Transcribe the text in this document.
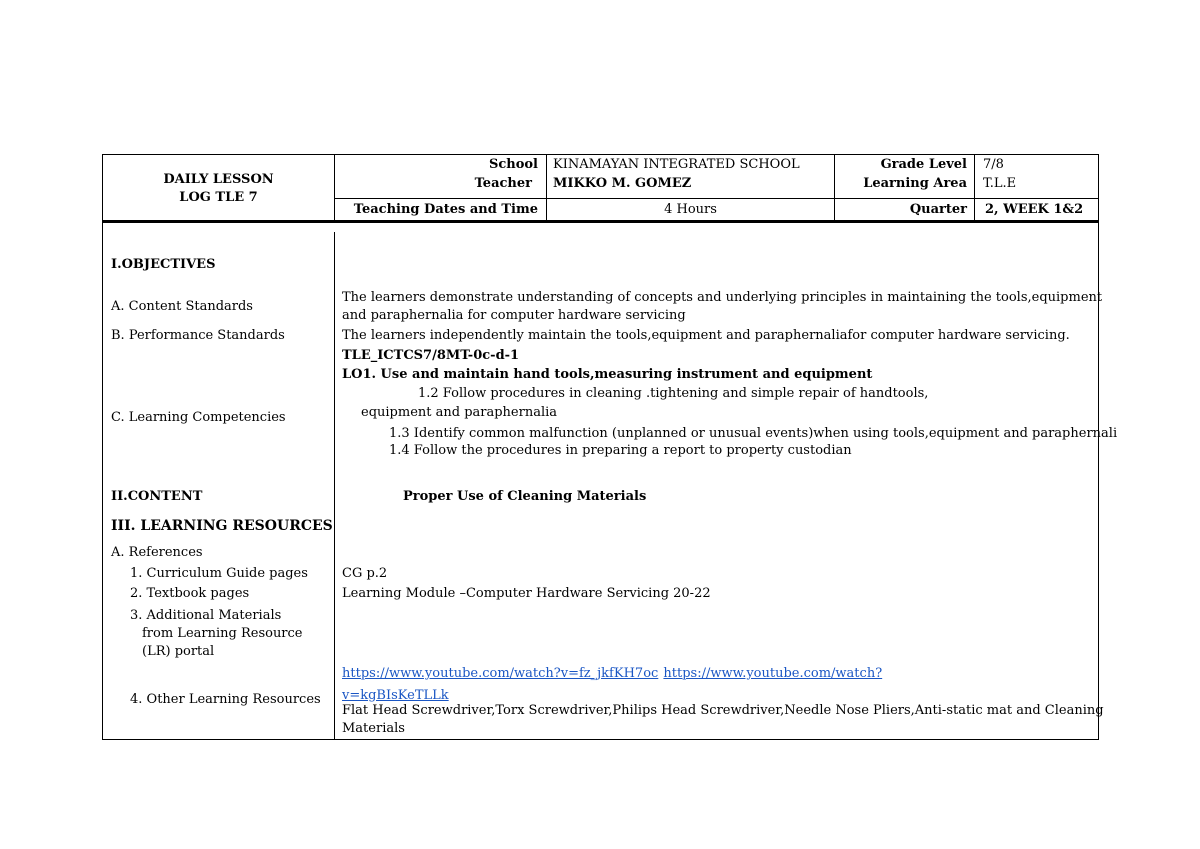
DAILY LESSON
LOG TLE 7
School KINAMAYAN INTEGRATED SCHOOL
Teacher MIKKO M. GOMEZ
Grade Level 7/8
Learning Area T.L.E
Teaching Dates and Time	4 Hours	Quarter 2, WEEK 1&2
I.OBJECTIVES
A. Content Standards
B. Performance Standards
C. Learning Competencies
II.CONTENT
III. LEARNING RESOURCES
A. References
1. Curriculum Guide pages
2. Textbook pages
3. Additional Materials
from Learning Resource
(LR) portal
4. Other Learning Resources
The learners demonstrate understanding of concepts and underlying principles in maintaining the tools,equipment
and paraphernalia for computer hardware servicing
The learners independently maintain the tools,equipment and paraphernaliafor computer hardware servicing.
TLE_ICTCS7/8MT-0c-d-1
LO1. Use and maintain hand tools,measuring instrument and equipment
1.2 Follow procedures in cleaning .tightening and simple repair of handtools,
equipment and paraphernalia
1.3 Identify common malfunction (unplanned or unusual events)when using tools,equipment and paraphernali
1.4 Follow the procedures in preparing a report to property custodian
Proper Use of Cleaning Materials
CG p.2
Learning Module –Computer Hardware Servicing 20-22
https://www.youtube.com/watch?v=fz_jkfKH7oc https://www.youtube.com/watch?
v=kgBIsKeTLLk
Flat Head Screwdriver,Torx Screwdriver,Philips Head Screwdriver,Needle Nose Pliers,Anti-static mat and Cleaning
Materials
